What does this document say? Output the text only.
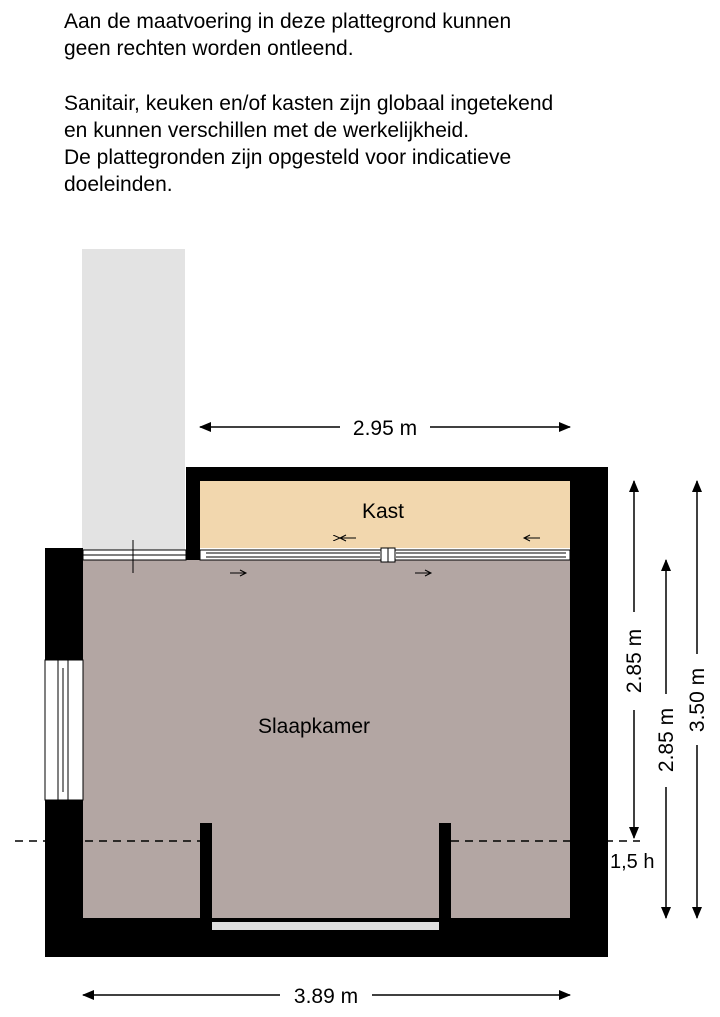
Aan de maatvoering in deze plattegrond kunnen

geen rechten worden ontleend.

Sanitair, keuken en/of kasten zijn globaal ingetekend

en kunnen verschillen met de werkelijkheid.

De plattegronden zijn opgesteld voor indicatieve

doeleinden.

Kast
Slaapkamer
1,5 h
2.95 m
3.89 m
2.85 m
2.85 m
3.50 m
